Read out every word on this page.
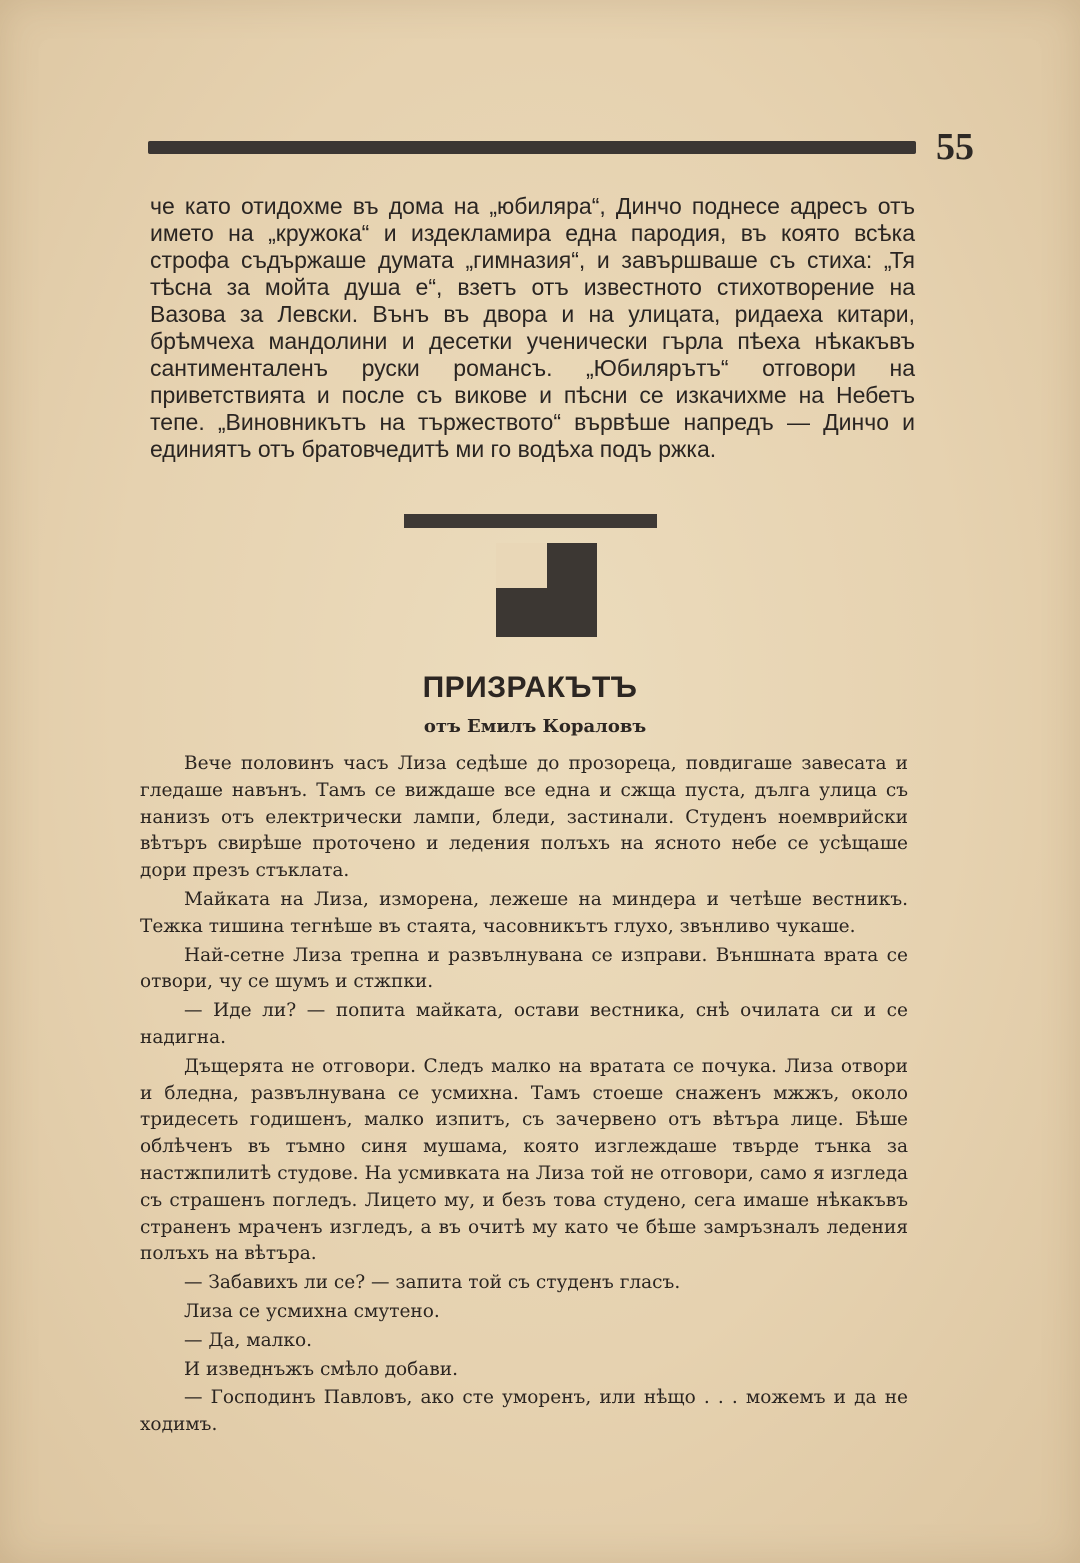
55

че като отидохме въ дома на „юбиляра“, Динчо поднесе адресъ отъ името на „кружока“ и издекламира една пародия, въ която всѣка строфа съдържаше думата „гимназия“, и завършваше съ стиха: „Тя тѣсна за мойта душа е“, взетъ отъ известното стихотворение на Вазова за Левски. Вънъ въ двора и на улицата, ридаеха китари, брѣмчеха мандолини и десетки ученически гърла пѣеха нѣкакъвъ сантименталенъ руски романсъ. „Юбилярътъ“ отговори на приветствията и после съ викове и пѣсни се изкачихме на Небетъ тепе. „Виновникътъ на тържеството“ вървѣше напредъ — Динчо и единиятъ отъ братовчедитѣ ми го водѣха подъ ржка.

ПРИЗРАКЪТЪ
отъ Емилъ Кораловъ

Вече половинъ часъ Лиза седѣше до прозореца, повдигаше завесата и гледаше навънъ. Тамъ се виждаше все една и сжща пуста, дълга улица съ нанизъ отъ електрически лампи, бледи, застинали. Студенъ ноемврийски вѣтъръ свирѣше проточено и ледения полъхъ на ясното небе се усѣщаше дори презъ стъклата.

Майката на Лиза, изморена, лежеше на миндера и четѣше вестникъ. Тежка тишина тегнѣше въ стаята, часовникътъ глухо, звънливо чукаше.

Най-сетне Лиза трепна и развълнувана се изправи. Външната врата се отвори, чу се шумъ и стжпки.

— Иде ли? — попита майката, остави вестника, снѣ очилата си и се надигна.

Дъщерята не отговори. Следъ малко на вратата се почука. Лиза отвори и бледна, развълнувана се усмихна. Тамъ стоеше снаженъ мжжъ, около тридесеть годишенъ, малко изпитъ, съ зачервено отъ вѣтъра лице. Бѣше облѣченъ въ тъмно синя мушама, която изглеждаше твърде тънка за настжпилитѣ студове. На усмивката на Лиза той не отговори, само я изгледа съ страшенъ погледъ. Лицето му, и безъ това студено, сега имаше нѣкакъвъ страненъ мраченъ изгледъ, а въ очитѣ му като че бѣше замръзналъ ледения полъхъ на вѣтъра.

— Забавихъ ли се? — запита той съ студенъ гласъ.

Лиза се усмихна смутено.

— Да, малко.

И изведнъжъ смѣло добави.

— Господинъ Павловъ, ако сте уморенъ, или нѣщо . . . можемъ и да не ходимъ.
